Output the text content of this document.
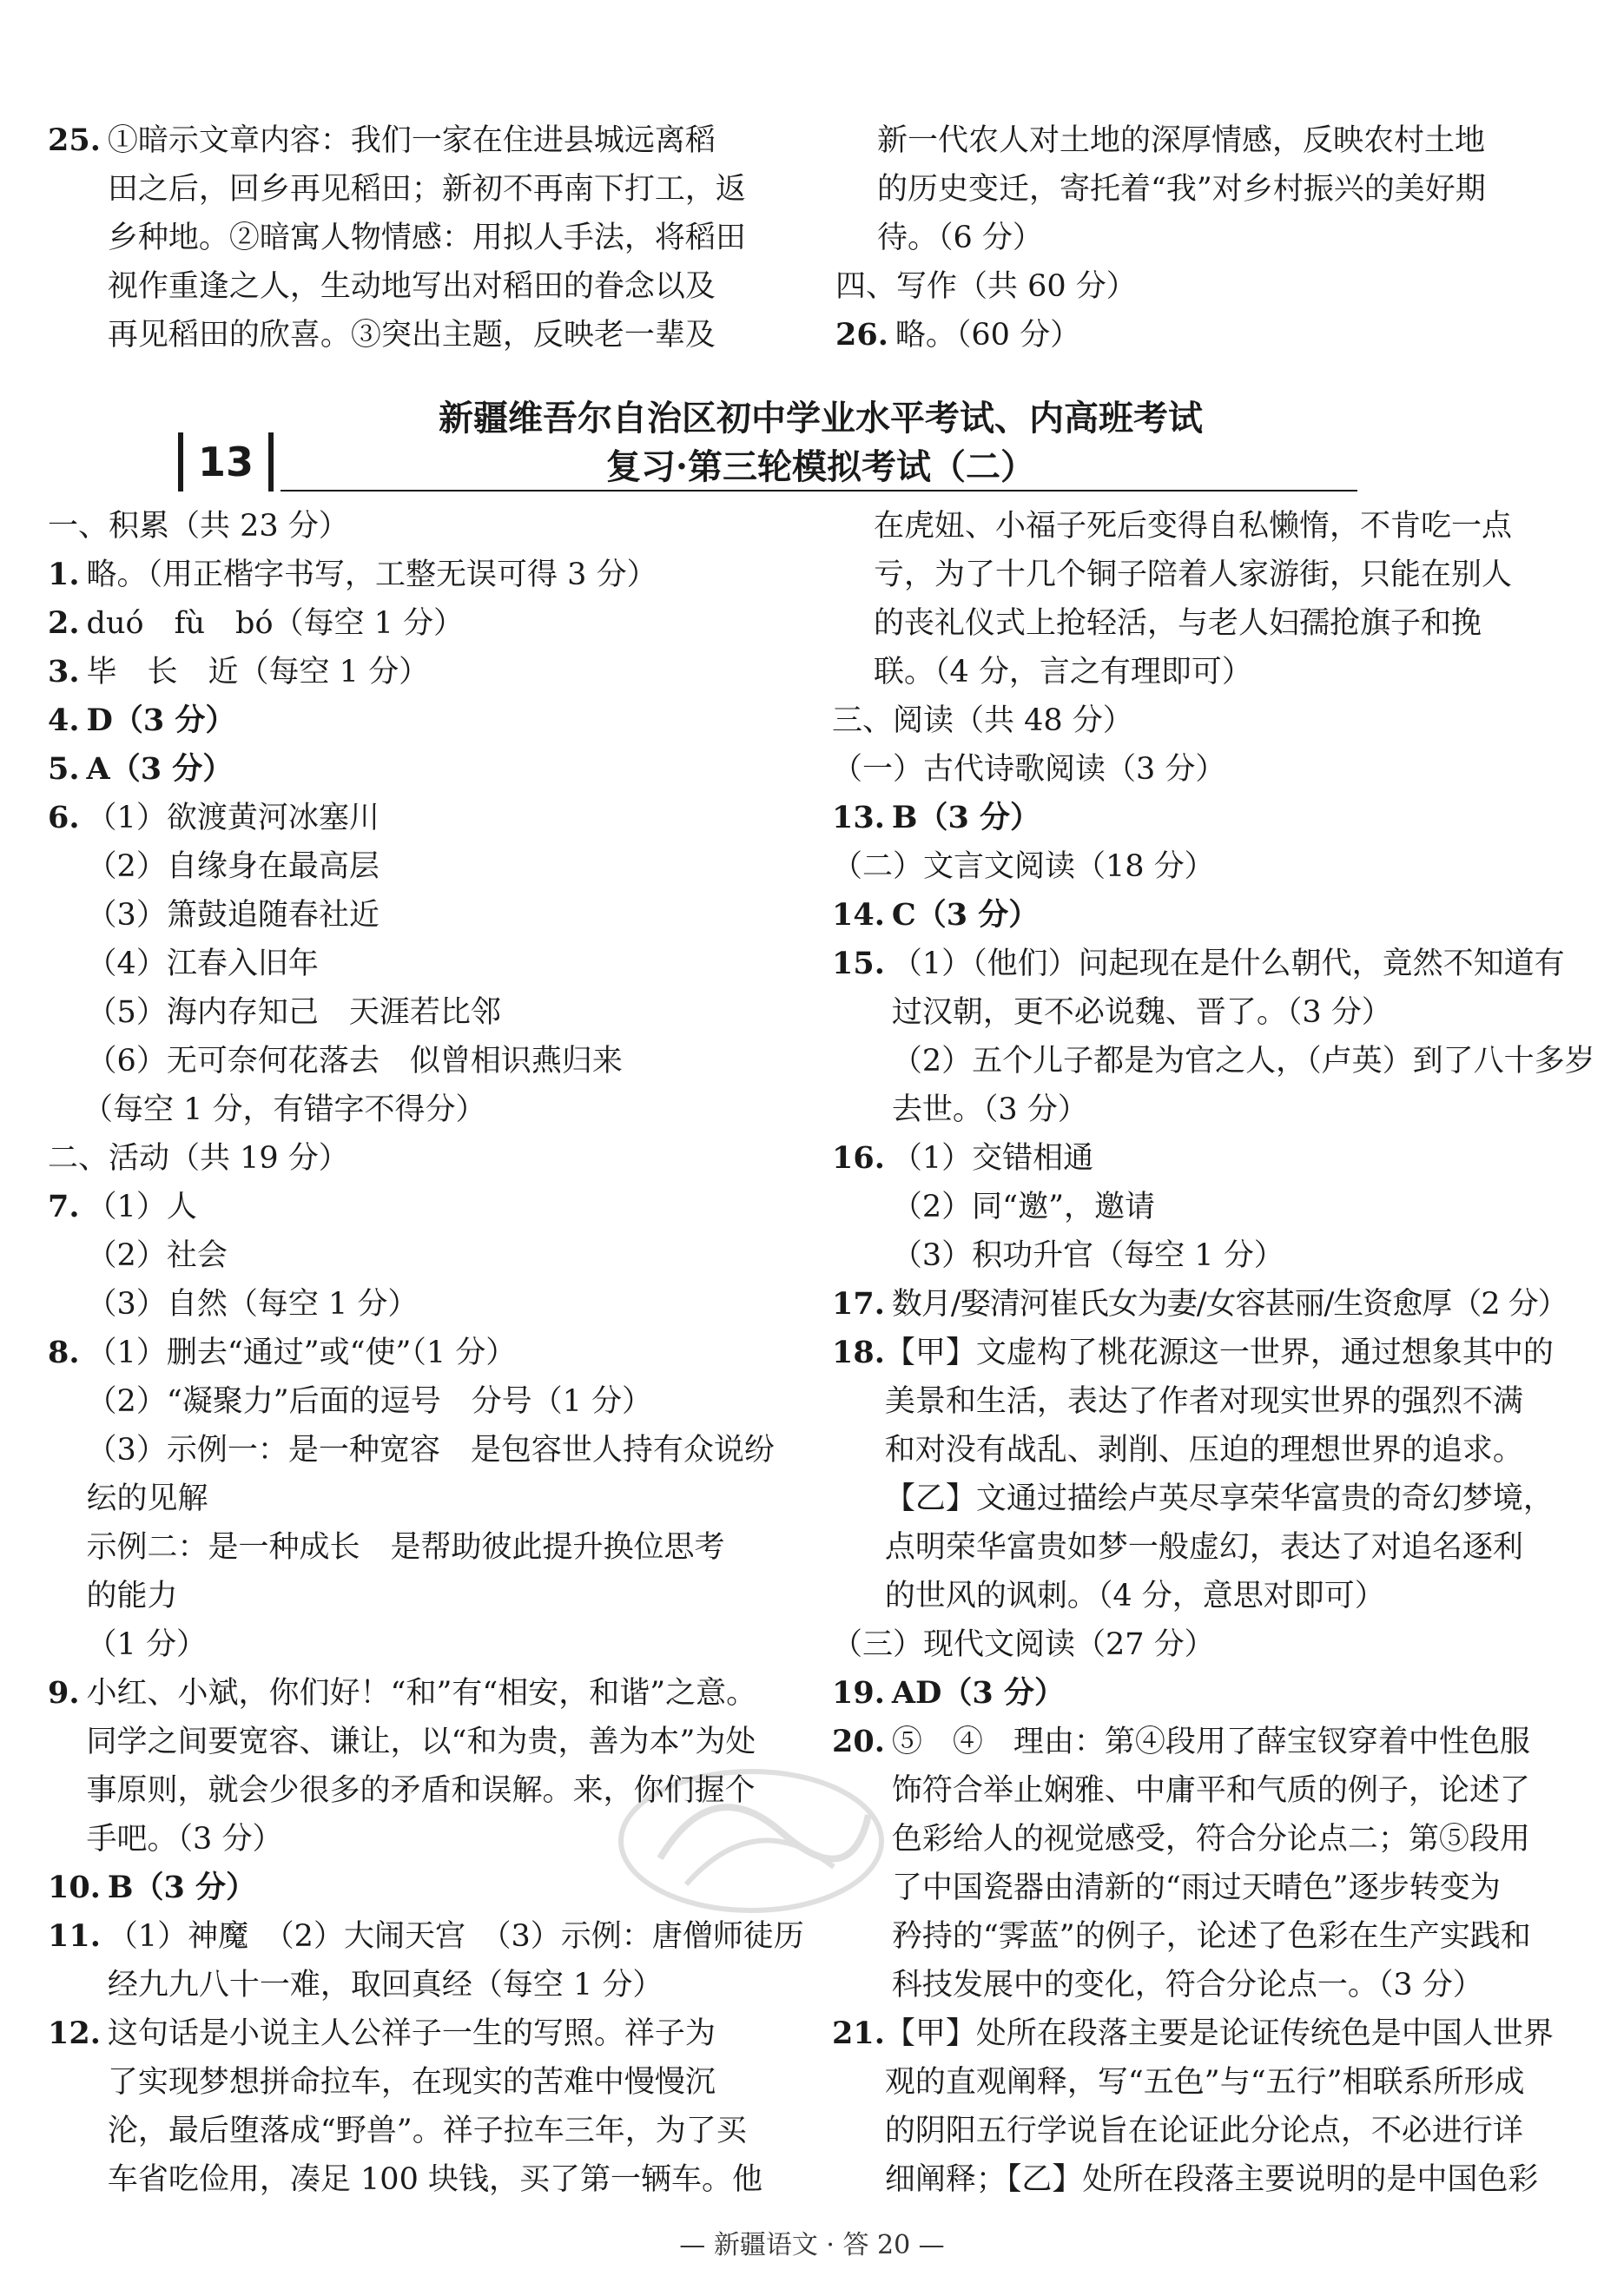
25. ①暗示文章内容：我们一家在住进县城远离稻
田之后，回乡再见稻田；新初不再南下打工，返
乡种地。②暗寓人物情感：用拟人手法，将稻田
视作重逢之人，生动地写出对稻田的眷念以及
再见稻田的欣喜。③突出主题，反映老一辈及
新一代农人对土地的深厚情感，反映农村土地
的历史变迁，寄托着“我”对乡村振兴的美好期
待。（6 分）
四、写作（共 60 分）
26. 略。（60 分）
13
新疆维吾尔自治区初中学业水平考试、内高班考试
复习·第三轮模拟考试（二）
一、积累（共 23 分）
1. 略。（用正楷字书写，工整无误可得 3 分）
2. duó　fù　bó（每空 1 分）
3. 毕　长　近（每空 1 分）
4. D（3 分）
5. A（3 分）
6. （1）欲渡黄河冰塞川
（2）自缘身在最高层
（3）箫鼓追随春社近
（4）江春入旧年
（5）海内存知己　天涯若比邻
（6）无可奈何花落去　似曾相识燕归来
（每空 1 分，有错字不得分）
二、活动（共 19 分）
7. （1）人
（2）社会
（3）自然（每空 1 分）
8. （1）删去“通过”或“使”（1 分）
（2）“凝聚力”后面的逗号　分号（1 分）
（3）示例一：是一种宽容　是包容世人持有众说纷
纭的见解
示例二：是一种成长　是帮助彼此提升换位思考
的能力
（1 分）
9. 小红、小斌，你们好！“和”有“相安，和谐”之意。
同学之间要宽容、谦让，以“和为贵，善为本”为处
事原则，就会少很多的矛盾和误解。来，你们握个
手吧。（3 分）
10. B（3 分）
11. （1）神魔　（2）大闹天宫　（3）示例：唐僧师徒历
经九九八十一难，取回真经（每空 1 分）
12. 这句话是小说主人公祥子一生的写照。祥子为
了实现梦想拼命拉车，在现实的苦难中慢慢沉
沦，最后堕落成“野兽”。祥子拉车三年，为了买
车省吃俭用，凑足 100 块钱，买了第一辆车。他
在虎妞、小福子死后变得自私懒惰，不肯吃一点
亏，为了十几个铜子陪着人家游街，只能在别人
的丧礼仪式上抢轻活，与老人妇孺抢旗子和挽
联。（4 分，言之有理即可）
三、阅读（共 48 分）
（一）古代诗歌阅读（3 分）
13. B（3 分）
（二）文言文阅读（18 分）
14. C（3 分）
15. （1）（他们）问起现在是什么朝代，竟然不知道有
过汉朝，更不必说魏、晋了。（3 分）
（2）五个儿子都是为官之人，（卢英）到了八十多岁
去世。（3 分）
16. （1）交错相通
（2）同“邀”，邀请
（3）积功升官（每空 1 分）
17. 数月/娶清河崔氏女为妻/女容甚丽/生资愈厚（2 分）
18. 【甲】文虚构了桃花源这一世界，通过想象其中的
美景和生活，表达了作者对现实世界的强烈不满
和对没有战乱、剥削、压迫的理想世界的追求。
【乙】文通过描绘卢英尽享荣华富贵的奇幻梦境，
点明荣华富贵如梦一般虚幻，表达了对追名逐利
的世风的讽刺。（4 分，意思对即可）
（三）现代文阅读（27 分）
19. AD（3 分）
20. ⑤　④　理由：第④段用了薛宝钗穿着中性色服
饰符合举止娴雅、中庸平和气质的例子，论述了
色彩给人的视觉感受，符合分论点二；第⑤段用
了中国瓷器由清新的“雨过天晴色”逐步转变为
矜持的“霁蓝”的例子，论述了色彩在生产实践和
科技发展中的变化，符合分论点一。（3 分）
21. 【甲】处所在段落主要是论证传统色是中国人世界
观的直观阐释，写“五色”与“五行”相联系所形成
的阴阳五行学说旨在论证此分论点，不必进行详
细阐释；【乙】处所在段落主要说明的是中国色彩
— 新疆语文 · 答 20 —
